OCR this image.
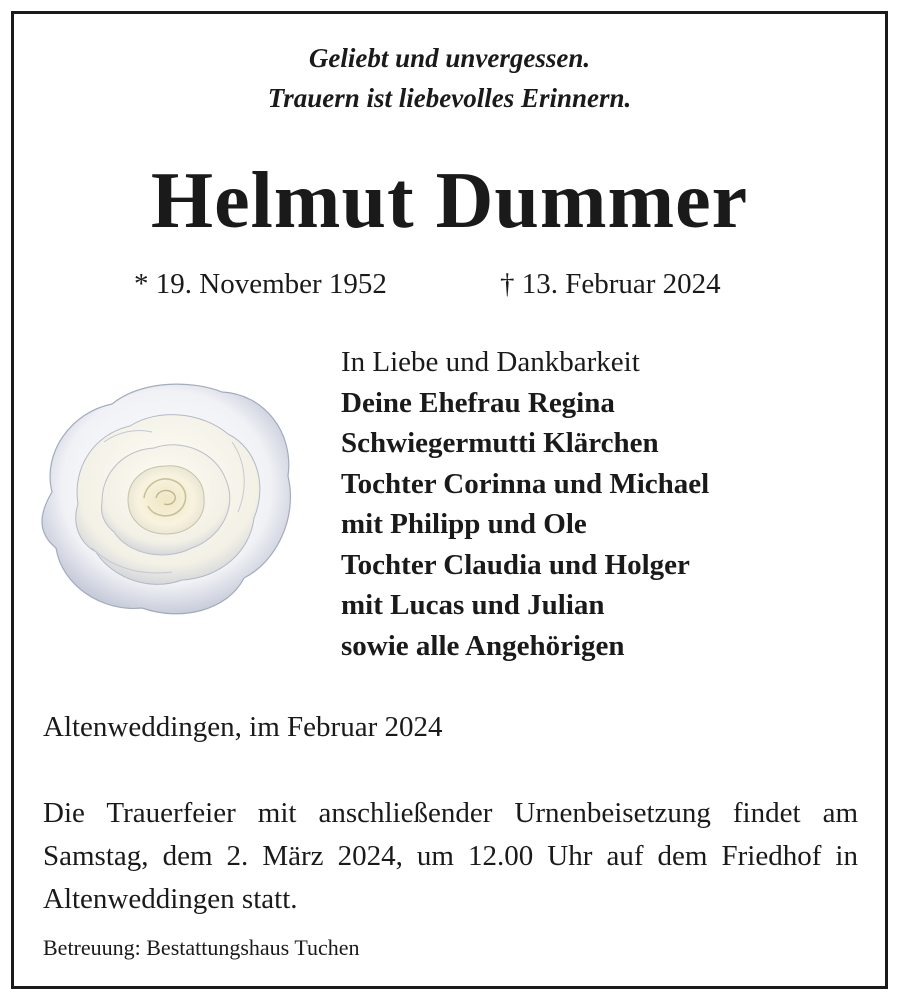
Geliebt und unvergessen.
Trauern ist liebevolles Erinnern.
Helmut Dummer
* 19. November 1952	† 13. Februar 2024
In Liebe und Dankbarkeit
Deine Ehefrau Regina
Schwiegermutti Klärchen
Tochter Corinna und Michael
mit Philipp und Ole
Tochter Claudia und Holger
mit Lucas und Julian
sowie alle Angehörigen
Altenweddingen, im Februar 2024
Die Trauerfeier mit anschließender Urnenbeisetzung findet am Samstag, dem 2. März 2024, um 12.00 Uhr auf dem Friedhof in Altenweddingen statt.
Betreuung: Bestattungshaus Tuchen
